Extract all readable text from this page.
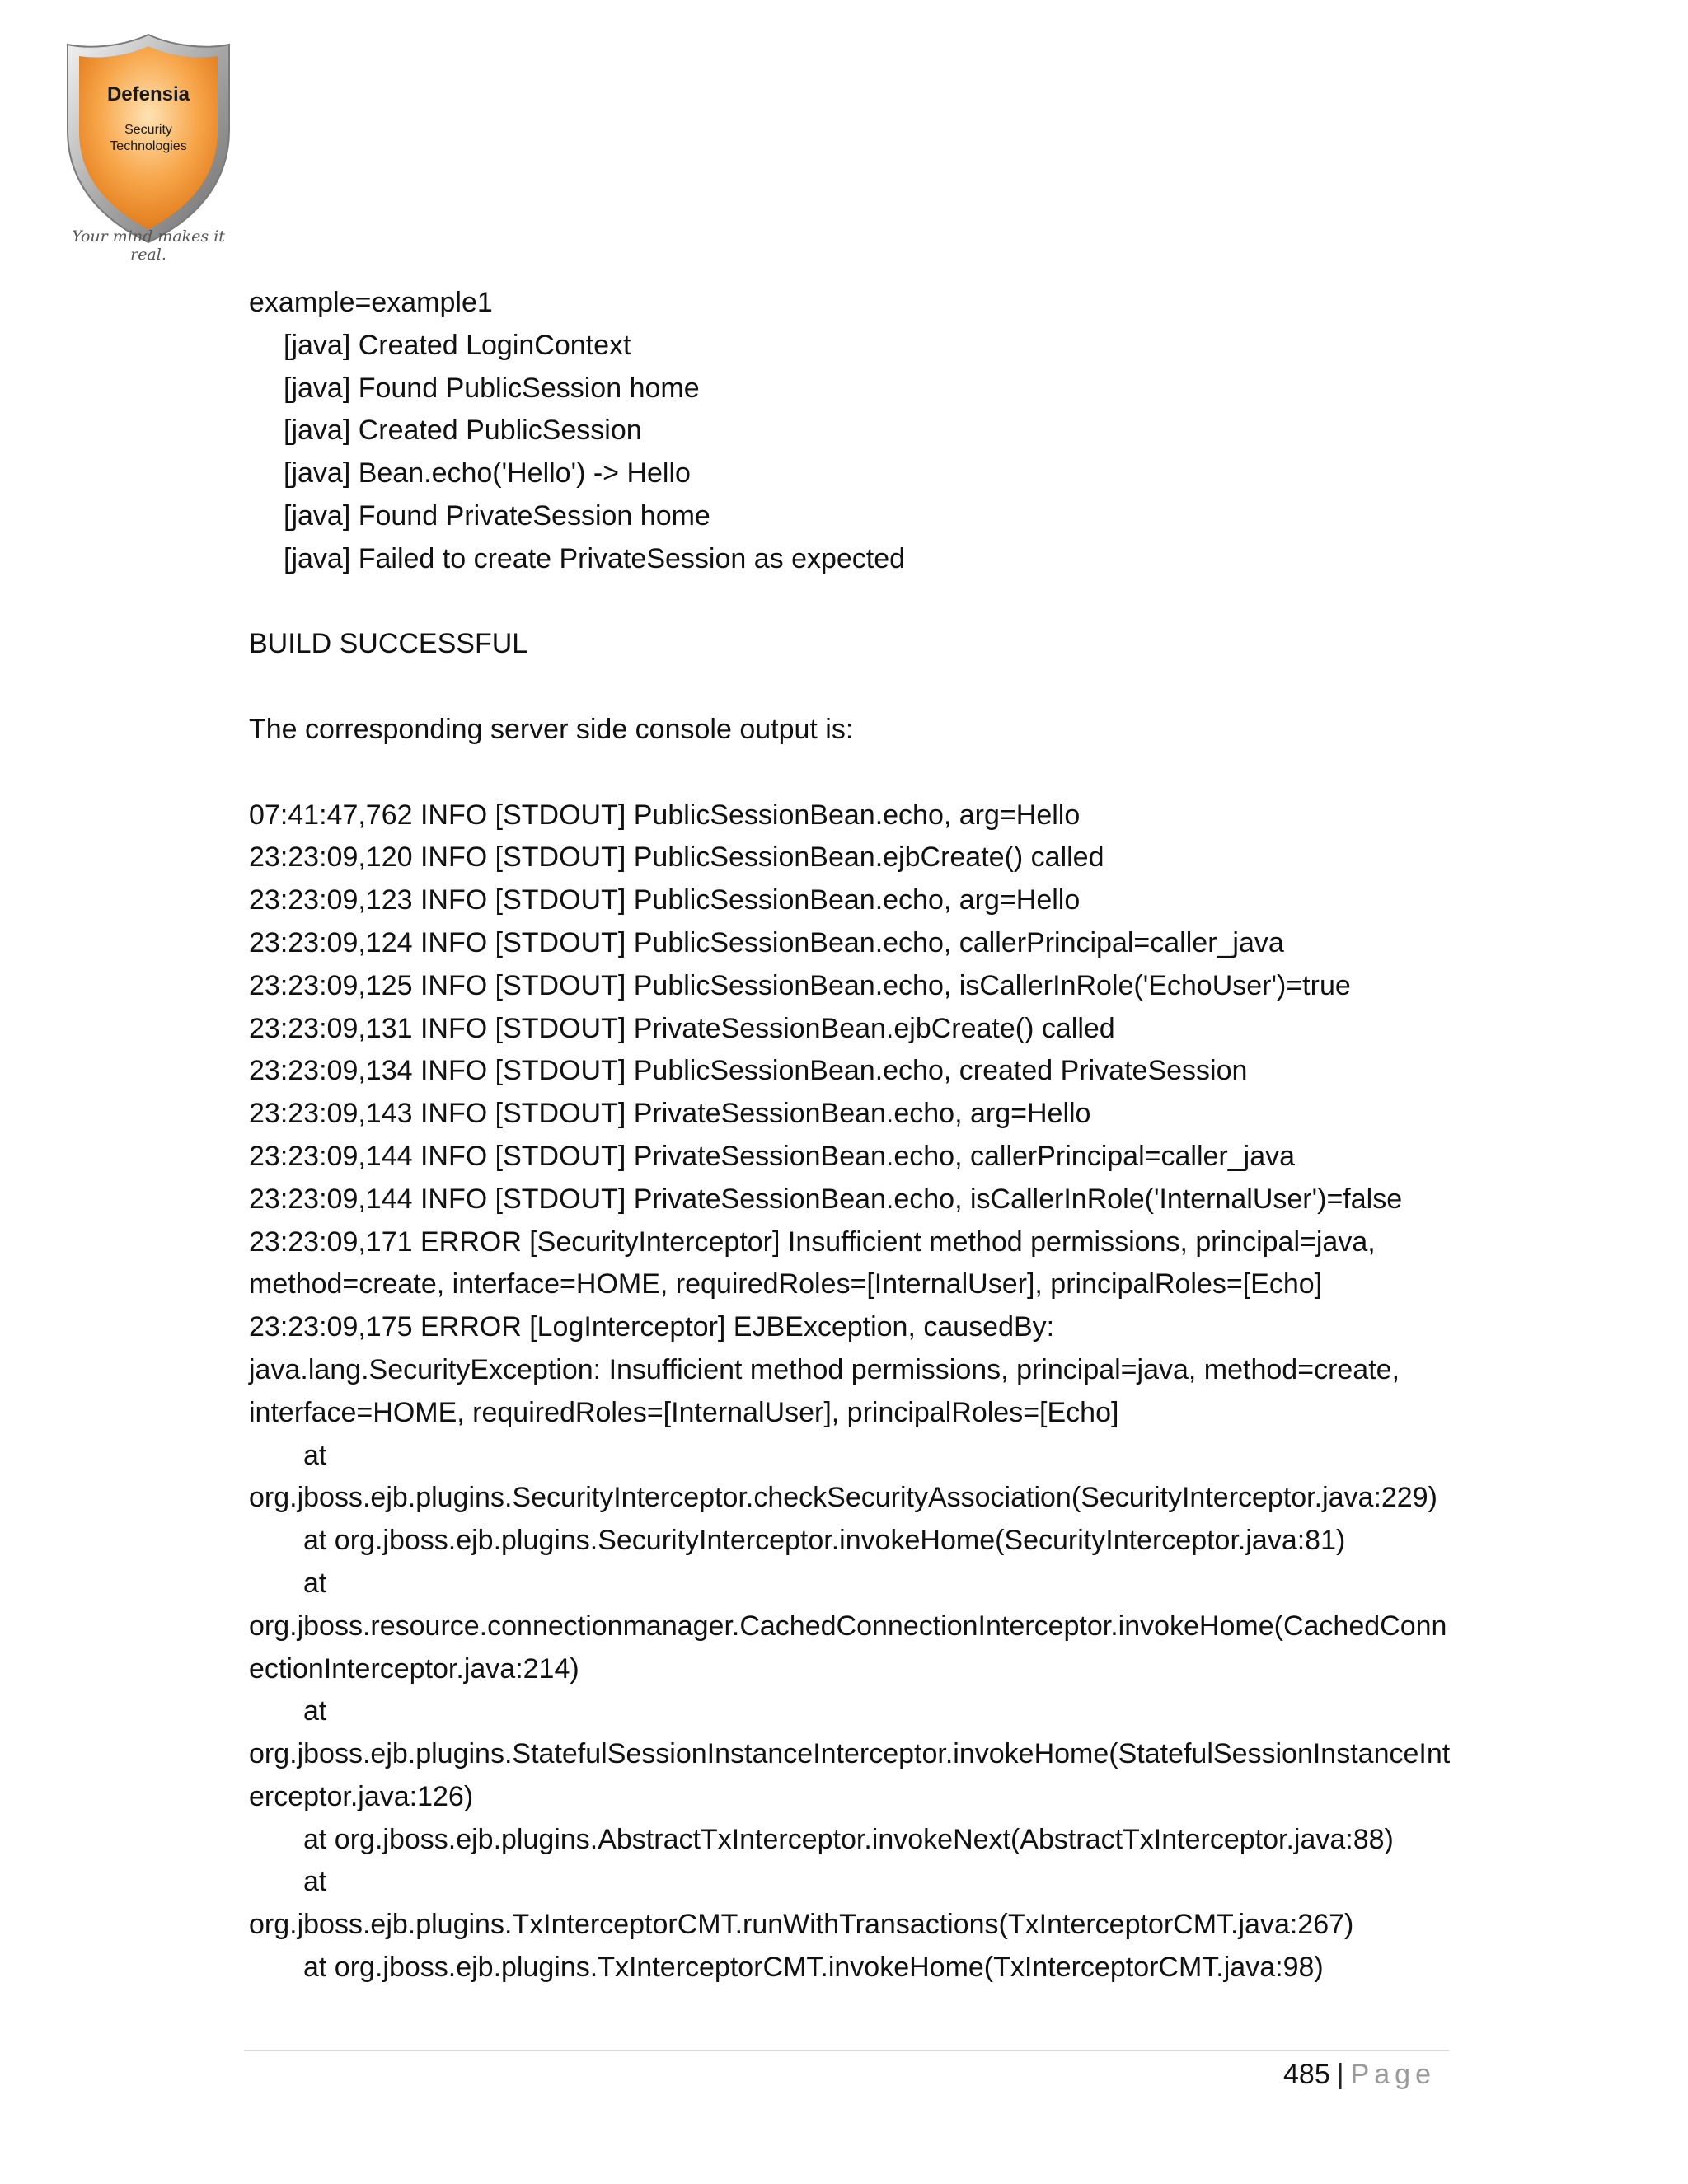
Defensia
Security
Technologies
Your mind makes it real.
example=example1
[java] Created LoginContext
[java] Found PublicSession home
[java] Created PublicSession
[java] Bean.echo('Hello') -> Hello
[java] Found PrivateSession home
[java] Failed to create PrivateSession as expected
BUILD SUCCESSFUL
The corresponding server side console output is:
07:41:47,762 INFO [STDOUT] PublicSessionBean.echo, arg=Hello
23:23:09,120 INFO [STDOUT] PublicSessionBean.ejbCreate() called
23:23:09,123 INFO [STDOUT] PublicSessionBean.echo, arg=Hello
23:23:09,124 INFO [STDOUT] PublicSessionBean.echo, callerPrincipal=caller_java
23:23:09,125 INFO [STDOUT] PublicSessionBean.echo, isCallerInRole('EchoUser')=true
23:23:09,131 INFO [STDOUT] PrivateSessionBean.ejbCreate() called
23:23:09,134 INFO [STDOUT] PublicSessionBean.echo, created PrivateSession
23:23:09,143 INFO [STDOUT] PrivateSessionBean.echo, arg=Hello
23:23:09,144 INFO [STDOUT] PrivateSessionBean.echo, callerPrincipal=caller_java
23:23:09,144 INFO [STDOUT] PrivateSessionBean.echo, isCallerInRole('InternalUser')=false
23:23:09,171 ERROR [SecurityInterceptor] Insufficient method permissions, principal=java,
method=create, interface=HOME, requiredRoles=[InternalUser], principalRoles=[Echo]
23:23:09,175 ERROR [LogInterceptor] EJBException, causedBy:
java.lang.SecurityException: Insufficient method permissions, principal=java, method=create,
interface=HOME, requiredRoles=[InternalUser], principalRoles=[Echo]
at
org.jboss.ejb.plugins.SecurityInterceptor.checkSecurityAssociation(SecurityInterceptor.java:229)
at org.jboss.ejb.plugins.SecurityInterceptor.invokeHome(SecurityInterceptor.java:81)
at
org.jboss.resource.connectionmanager.CachedConnectionInterceptor.invokeHome(CachedConn
ectionInterceptor.java:214)
at
org.jboss.ejb.plugins.StatefulSessionInstanceInterceptor.invokeHome(StatefulSessionInstanceInt
erceptor.java:126)
at org.jboss.ejb.plugins.AbstractTxInterceptor.invokeNext(AbstractTxInterceptor.java:88)
at
org.jboss.ejb.plugins.TxInterceptorCMT.runWithTransactions(TxInterceptorCMT.java:267)
at org.jboss.ejb.plugins.TxInterceptorCMT.invokeHome(TxInterceptorCMT.java:98)
485 | Page
